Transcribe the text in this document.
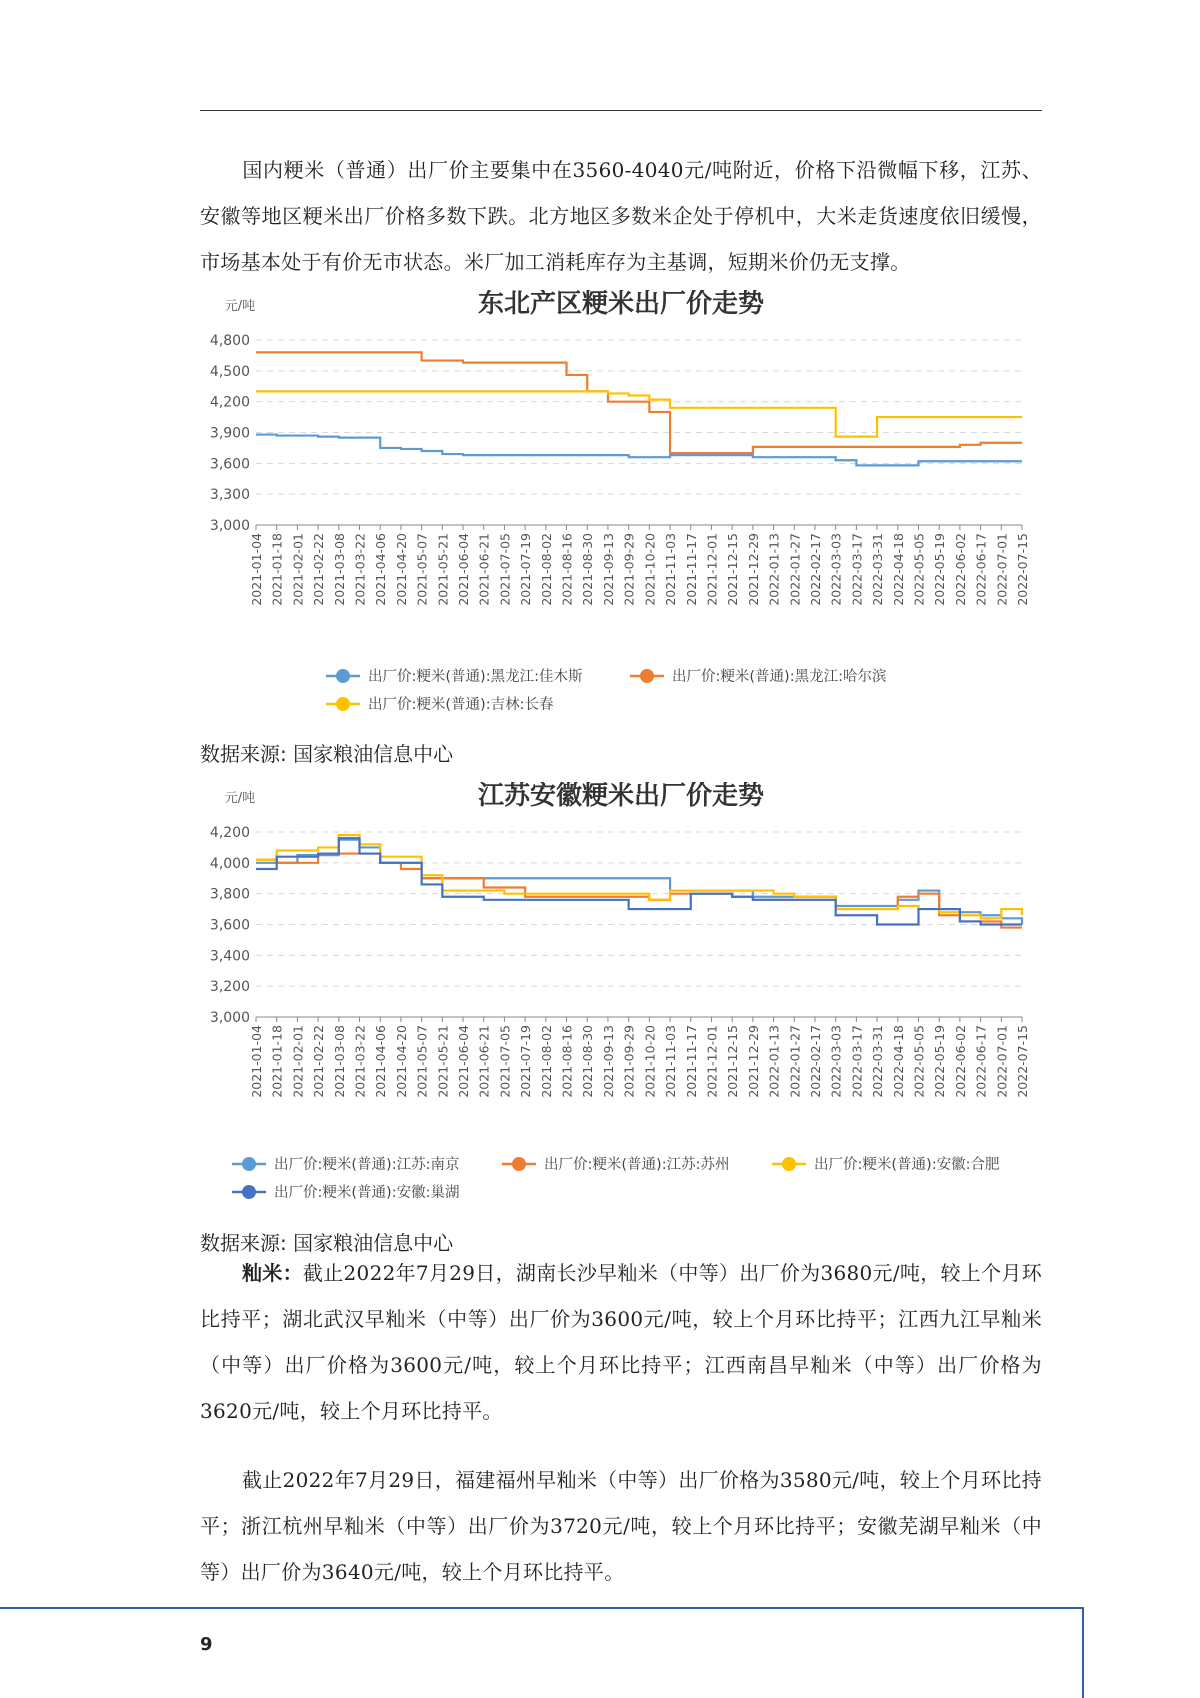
国内粳米（普通）出厂价主要集中在3560-4040元/吨附近，价格下沿微幅下移，江苏、安徽等地区粳米出厂价格多数下跌。北方地区多数米企处于停机中，大米走货速度依旧缓慢，市场基本处于有价无市状态。米厂加工消耗库存为主基调，短期米价仍无支撑。

东北产区粳米出厂价走势
元/吨
4,800
4,500
4,200
3,900
3,600
3,300
3,000
2021-01-04 2021-01-18 2021-02-01 2021-02-22 2021-03-08 2021-03-22 2021-04-06 2021-04-20 2021-05-07 2021-05-21 2021-06-04 2021-06-21 2021-07-05 2021-07-19 2021-08-02 2021-08-16 2021-08-30 2021-09-13 2021-09-29 2021-10-20 2021-11-03 2021-11-17 2021-12-01 2021-12-15 2021-12-29 2022-01-13 2022-01-27 2022-02-17 2022-03-03 2022-03-17 2022-03-31 2022-04-18 2022-05-05 2022-05-19 2022-06-02 2022-06-17 2022-07-01 2022-07-15
出厂价:粳米(普通):黑龙江:佳木斯	出厂价:粳米(普通):黑龙江:哈尔滨
出厂价:粳米(普通):吉林:长春
数据来源: 国家粮油信息中心
江苏安徽粳米出厂价走势
元/吨
4,200
4,000
3,800
3,600
3,400
3,200
3,000
2021-01-04 2021-01-18 2021-02-01 2021-02-22 2021-03-08 2021-03-22 2021-04-06 2021-04-20 2021-05-07 2021-05-21 2021-06-04 2021-06-21 2021-07-05 2021-07-19 2021-08-02 2021-08-16 2021-08-30 2021-09-13 2021-09-29 2021-10-20 2021-11-03 2021-11-17 2021-12-01 2021-12-15 2021-12-29 2022-01-13 2022-01-27 2022-02-17 2022-03-03 2022-03-17 2022-03-31 2022-04-18 2022-05-05 2022-05-19 2022-06-02 2022-06-17 2022-07-01 2022-07-15
出厂价:粳米(普通):江苏:南京	出厂价:粳米(普通):江苏:苏州	出厂价:粳米(普通):安徽:合肥
出厂价:粳米(普通):安徽:巢湖
数据来源: 国家粮油信息中心

籼米：截止2022年7月29日，湖南长沙早籼米（中等）出厂价为3680元/吨，较上个月环比持平；湖北武汉早籼米（中等）出厂价为3600元/吨，较上个月环比持平；江西九江早籼米（中等）出厂价格为3600元/吨，较上个月环比持平；江西南昌早籼米（中等）出厂价格为3620元/吨，较上个月环比持平。

截止2022年7月29日，福建福州早籼米（中等）出厂价格为3580元/吨，较上个月环比持平；浙江杭州早籼米（中等）出厂价为3720元/吨，较上个月环比持平；安徽芜湖早籼米（中等）出厂价为3640元/吨，较上个月环比持平。

9
